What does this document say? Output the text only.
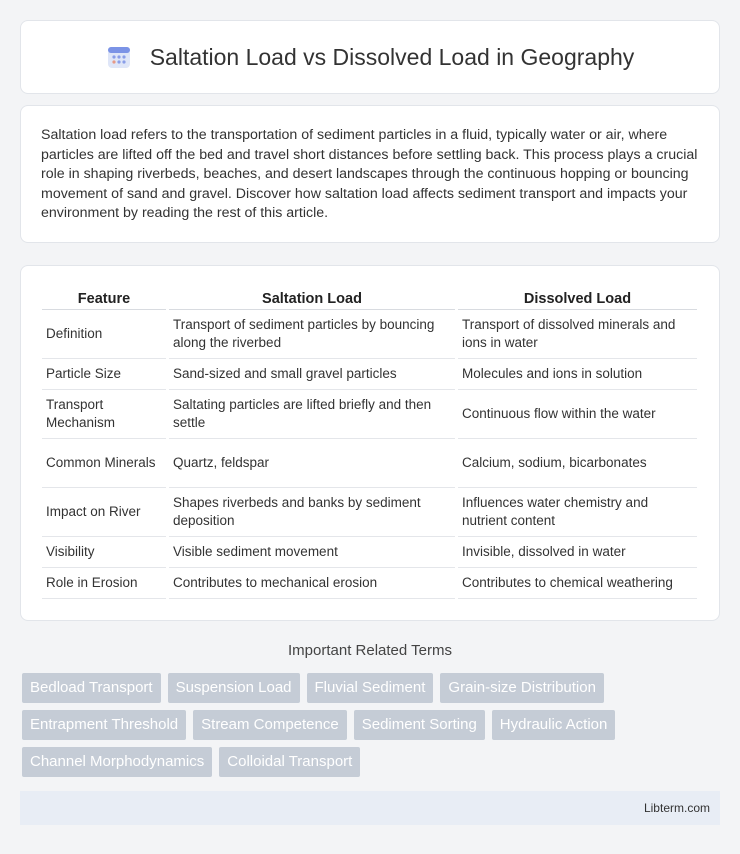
Saltation Load vs Dissolved Load in Geography

Saltation load refers to the transportation of sediment particles in a fluid, typically water or air, where particles are lifted off the bed and travel short distances before settling back. This process plays a crucial role in shaping riverbeds, beaches, and desert landscapes through the continuous hopping or bouncing movement of sand and gravel. Discover how saltation load affects sediment transport and impacts your environment by reading the rest of this article.

Feature	Saltation Load	Dissolved Load
Definition	Transport of sediment particles by bouncing along the riverbed	Transport of dissolved minerals and ions in water
Particle Size	Sand-sized and small gravel particles	Molecules and ions in solution
Transport Mechanism	Saltating particles are lifted briefly and then settle	Continuous flow within the water
Common Minerals	Quartz, feldspar	Calcium, sodium, bicarbonates
Impact on River	Shapes riverbeds and banks by sediment deposition	Influences water chemistry and nutrient content
Visibility	Visible sediment movement	Invisible, dissolved in water
Role in Erosion	Contributes to mechanical erosion	Contributes to chemical weathering
Important Related Terms
Bedload Transport	Suspension Load	Fluvial Sediment	Grain-size Distribution
Entrapment Threshold	Stream Competence	Sediment Sorting	Hydraulic Action
Channel Morphodynamics	Colloidal Transport
Libterm.com
